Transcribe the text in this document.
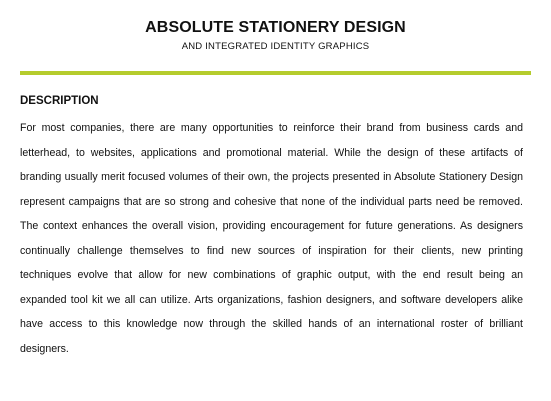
ABSOLUTE STATIONERY DESIGN
AND INTEGRATED IDENTITY GRAPHICS
DESCRIPTION

For most companies, there are many opportunities to reinforce their brand from business cards and letterhead, to websites, applications and promotional material. While the design of these artifacts of branding usually merit focused volumes of their own, the projects presented in Absolute Stationery Design represent campaigns that are so strong and cohesive that none of the individual parts need be removed. The context enhances the overall vision, providing encouragement for future generations. As designers continually challenge themselves to find new sources of inspiration for their clients, new printing techniques evolve that allow for new combinations of graphic output, with the end result being an expanded tool kit we all can utilize. Arts organizations, fashion designers, and software developers alike have access to this knowledge now through the skilled hands of an international roster of brilliant designers.
